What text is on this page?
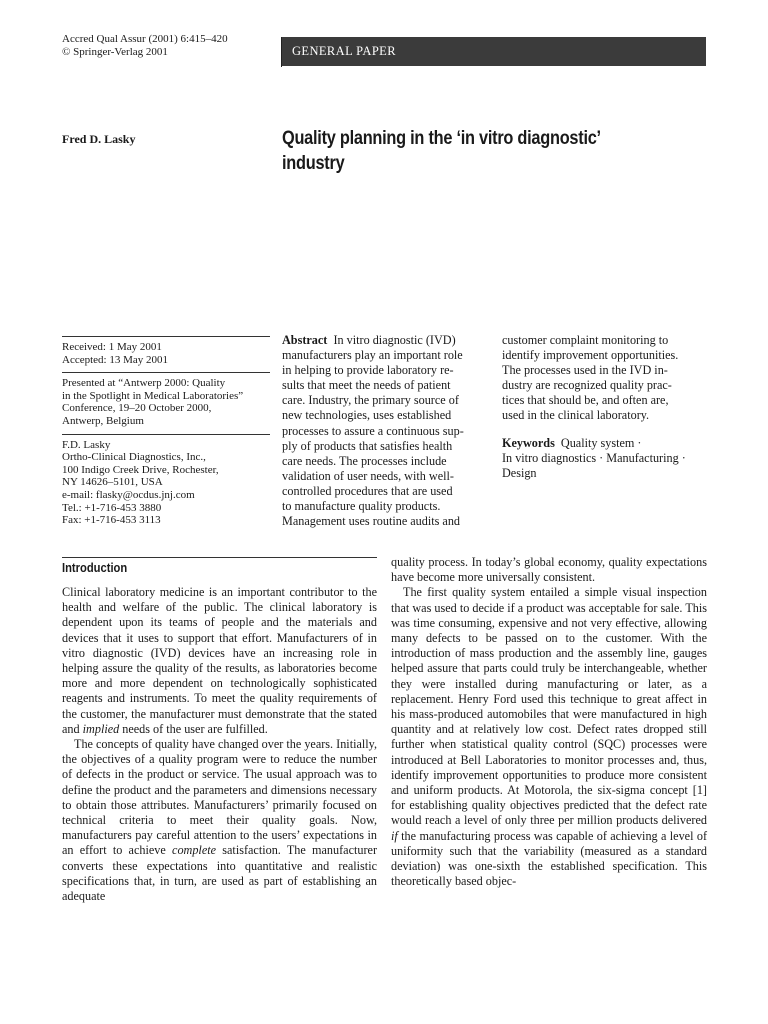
Accred Qual Assur (2001) 6:415–420
© Springer-Verlag 2001	GENERAL PAPER
Fred D. Lasky	Quality planning in the ‘in vitro diagnostic’ industry
Received: 1 May 2001
Accepted: 13 May 2001
Presented at “Antwerp 2000: Quality
in the Spotlight in Medical Laboratories”
Conference, 19–20 October 2000,
Antwerp, Belgium
F.D. Lasky
Ortho-Clinical Diagnostics, Inc.,
100 Indigo Creek Drive, Rochester,
NY 14626–5101, USA
e-mail: flasky@ocdus.jnj.com
Tel.: +1-716-453 3880
Fax: +1-716-453 3113
Abstract In vitro diagnostic (IVD)
manufacturers play an important role
in helping to provide laboratory re-
sults that meet the needs of patient
care. Industry, the primary source of
new technologies, uses established
processes to assure a continuous sup-
ply of products that satisfies health
care needs. The processes include
validation of user needs, with well-
controlled procedures that are used
to manufacture quality products.
Management uses routine audits and
customer complaint monitoring to
identify improvement opportunities.
The processes used in the IVD in-
dustry are recognized quality prac-
tices that should be, and often are,
used in the clinical laboratory.
Keywords Quality system ·
In vitro diagnostics · Manufacturing ·
Design
Introduction

Clinical laboratory medicine is an important contributor to the health and welfare of the public. The clinical laboratory is dependent upon its teams of people and the materials and devices that it uses to support that effort. Manufacturers of in vitro diagnostic (IVD) devices have an increasing role in helping assure the quality of the results, as laboratories become more and more dependent on technologically sophisticated reagents and instruments. To meet the quality requirements of the customer, the manufacturer must demonstrate that the stated and implied needs of the user are fulfilled.

The concepts of quality have changed over the years. Initially, the objectives of a quality program were to reduce the number of defects in the product or service. The usual approach was to define the product and the parameters and dimensions necessary to obtain those attributes. Manufacturers’ primarily focused on technical criteria to meet their quality goals. Now, manufacturers pay careful attention to the users’ expectations in an effort to achieve complete satisfaction. The manufacturer converts these expectations into quantitative and realistic specifications that, in turn, are used as part of establishing an adequate

quality process. In today’s global economy, quality expectations have become more universally consistent.

The first quality system entailed a simple visual inspection that was used to decide if a product was acceptable for sale. This was time consuming, expensive and not very effective, allowing many defects to be passed on to the customer. With the introduction of mass production and the assembly line, gauges helped assure that parts could truly be interchangeable, whether they were installed during manufacturing or later, as a replacement. Henry Ford used this technique to great affect in his mass-produced automobiles that were manufactured in high quantity and at relatively low cost. Defect rates dropped still further when statistical quality control (SQC) processes were introduced at Bell Laboratories to monitor processes and, thus, identify improvement opportunities to produce more consistent and uniform products. At Motorola, the six-sigma concept [1] for establishing quality objectives predicted that the defect rate would reach a level of only three per million products delivered if the manufacturing process was capable of achieving a level of uniformity such that the variability (measured as a standard deviation) was one-sixth the established specification. This theoretically based objec-
